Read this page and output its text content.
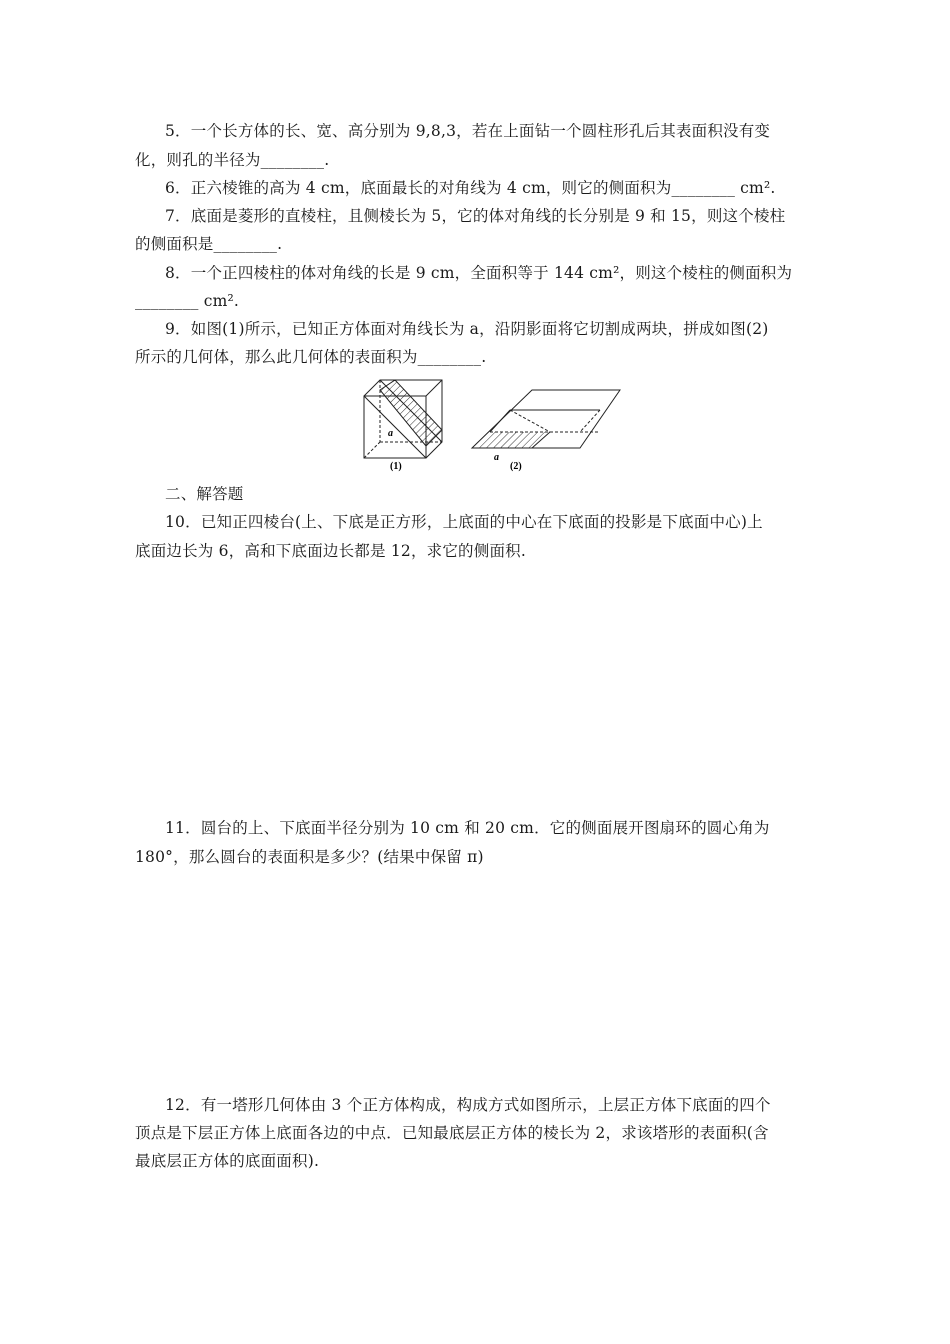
5．一个长方体的长、宽、高分别为 9,8,3，若在上面钻一个圆柱形孔后其表面积没有变
化，则孔的半径为________.
6．正六棱锥的高为 4 cm，底面最长的对角线为 4 cm，则它的侧面积为________ cm².
7．底面是菱形的直棱柱，且侧棱长为 5，它的体对角线的长分别是 9 和 15，则这个棱柱
的侧面积是________.
8．一个正四棱柱的体对角线的长是 9 cm，全面积等于 144 cm²，则这个棱柱的侧面积为
________ cm².
9．如图(1)所示，已知正方体面对角线长为 a，沿阴影面将它切割成两块，拼成如图(2)
所示的几何体，那么此几何体的表面积为________.
a
(1)
a
(2)
二、解答题
10．已知正四棱台(上、下底是正方形，上底面的中心在下底面的投影是下底面中心)上
底面边长为 6，高和下底面边长都是 12，求它的侧面积.
11．圆台的上、下底面半径分别为 10 cm 和 20 cm．它的侧面展开图扇环的圆心角为
180°，那么圆台的表面积是多少？(结果中保留 π)
12．有一塔形几何体由 3 个正方体构成，构成方式如图所示，上层正方体下底面的四个
顶点是下层正方体上底面各边的中点．已知最底层正方体的棱长为 2，求该塔形的表面积(含
最底层正方体的底面面积).
